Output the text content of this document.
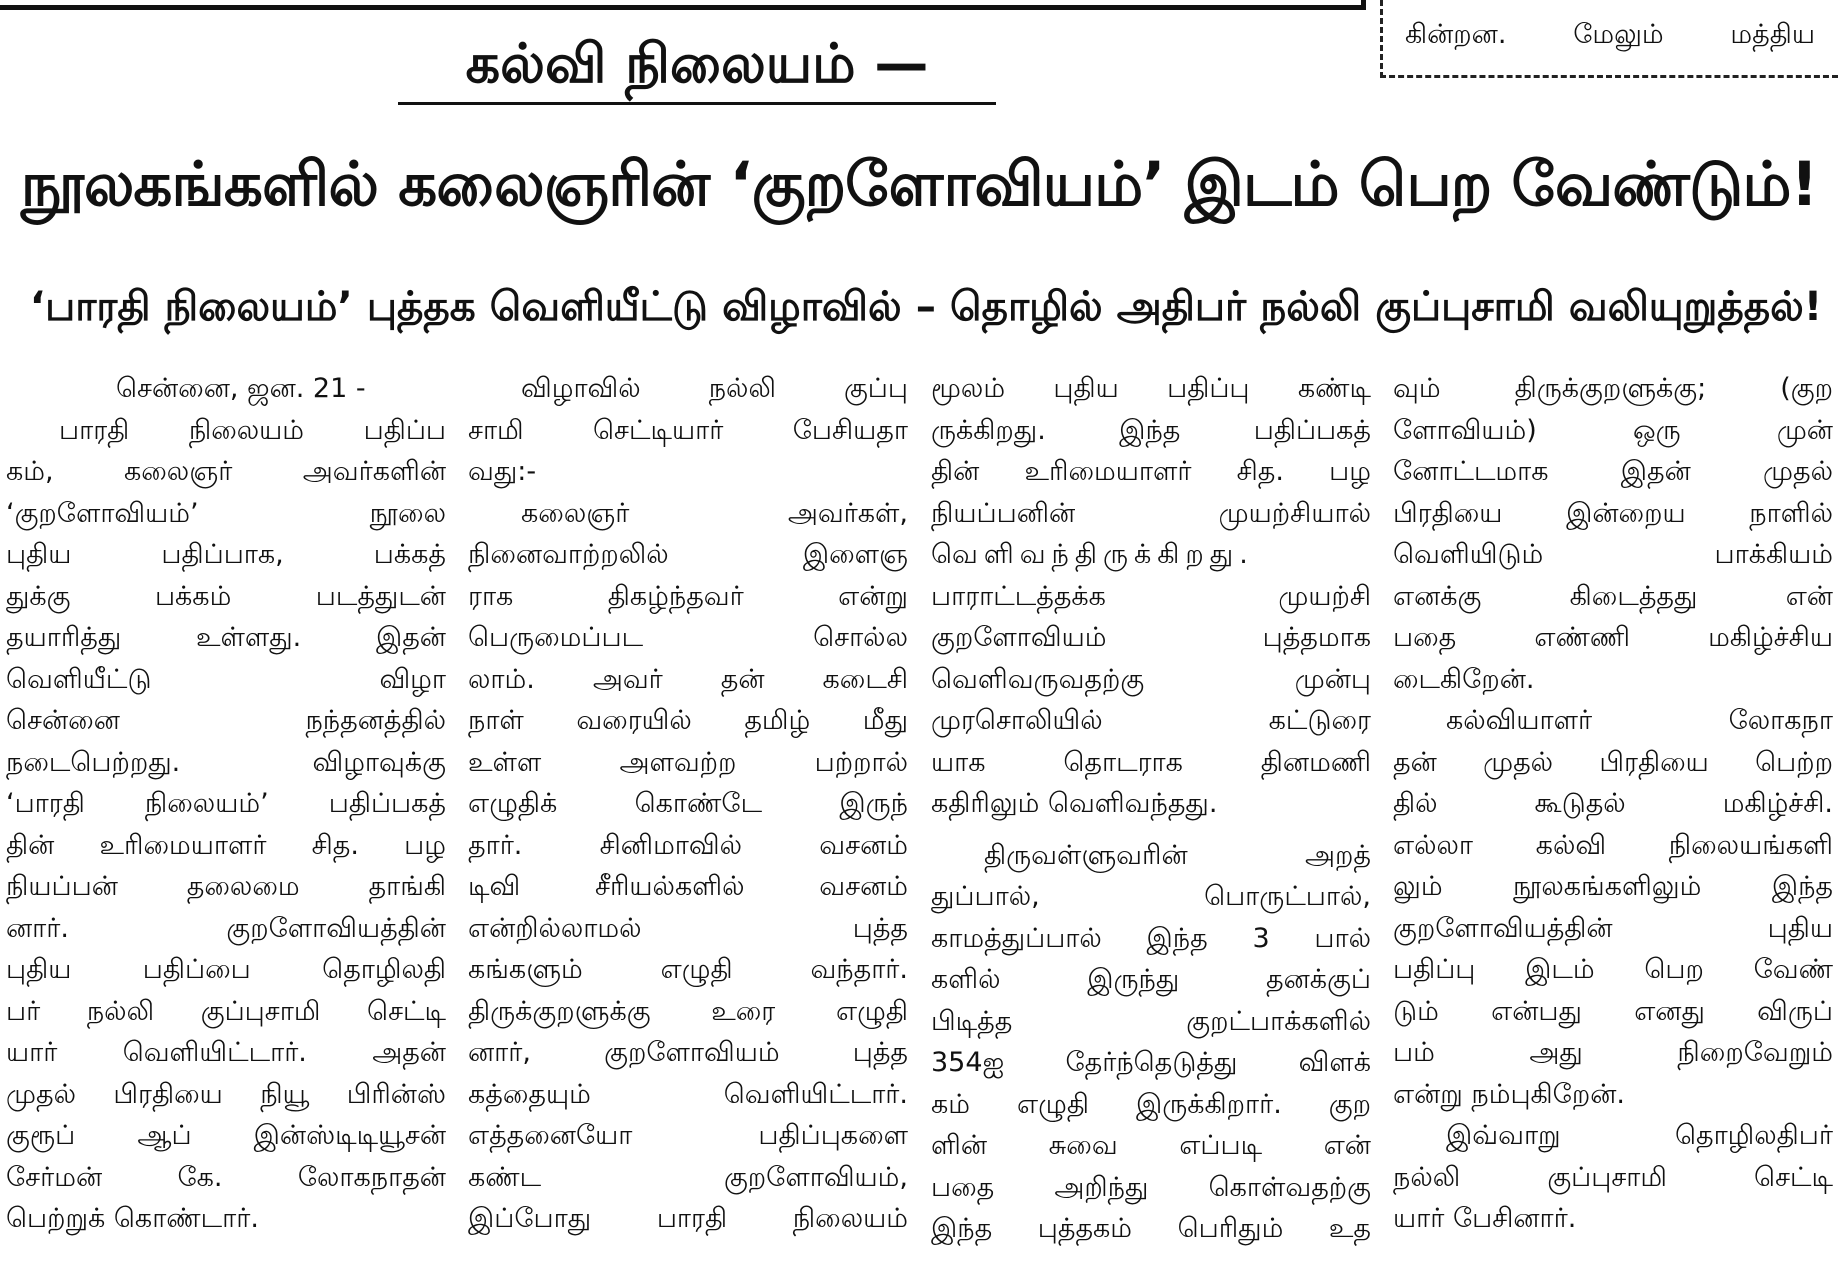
கின்றன. மேலும் மத்திய
கல்வி நிலையம் —
நூலகங்களில் கலைஞரின் ‘குறளோவியம்’ இடம் பெற வேண்டும்!
‘பாரதி நிலையம்’ புத்தக வெளியீட்டு விழாவில் – தொழில் அதிபர் நல்லி குப்புசாமி வலியுறுத்தல்!
சென்னை, ஜன. 21 -
பாரதி நிலையம் பதிப்ப
கம், கலைஞர் அவர்களின்
‘குறளோவியம்’ நூலை
புதிய பதிப்பாக, பக்கத்
துக்கு பக்கம் படத்துடன்
தயாரித்து உள்ளது. இதன்
வெளியீட்டு விழா
சென்னை நந்தனத்தில்
நடைபெற்றது. விழாவுக்கு
‘பாரதி நிலையம்’ பதிப்பகத்
தின் உரிமையாளர் சித. பழ
நியப்பன் தலைமை தாங்கி
னார். குறளோவியத்தின்
புதிய பதிப்பை தொழிலதி
பர் நல்லி குப்புசாமி செட்டி
யார் வெளியிட்டார். அதன்
முதல் பிரதியை நியூ பிரின்ஸ்
குரூப் ஆப் இன்ஸ்டிடியூசன்
சேர்மன் கே. லோகநாதன்
பெற்றுக் கொண்டார்.
விழாவில் நல்லி குப்பு
சாமி செட்டியார் பேசியதா
வது:-
கலைஞர் அவர்கள்,
நினைவாற்றலில் இளைஞ
ராக திகழ்ந்தவர் என்று
பெருமைப்பட சொல்ல
லாம். அவர் தன் கடைசி
நாள் வரையில் தமிழ் மீது
உள்ள அளவற்ற பற்றால்
எழுதிக் கொண்டே இருந்
தார். சினிமாவில் வசனம்
டிவி சீரியல்களில் வசனம்
என்றில்லாமல் புத்த
கங்களும் எழுதி வந்தார்.
திருக்குறளுக்கு உரை எழுதி
னார், குறளோவியம் புத்த
கத்தையும் வெளியிட்டார்.
எத்தனையோ பதிப்புகளை
கண்ட குறளோவியம்,
இப்போது பாரதி நிலையம்
மூலம் புதிய பதிப்பு கண்டி
ருக்கிறது. இந்த பதிப்பகத்
தின் உரிமையாளர் சித. பழ
நியப்பனின் முயற்சியால்
வெளிவந்திருக்கிறது.
பாராட்டத்தக்க முயற்சி
குறளோவியம் புத்தமாக
வெளிவருவதற்கு முன்பு
முரசொலியில் கட்டுரை
யாக தொடராக தினமணி
கதிரிலும் வெளிவந்தது.
திருவள்ளுவரின் அறத்
துப்பால், பொருட்பால்,
காமத்துப்பால் இந்த 3 பால்
களில் இருந்து தனக்குப்
பிடித்த குறட்பாக்களில்
354ஐ தேர்ந்தெடுத்து விளக்
கம் எழுதி இருக்கிறார். குற
ளின் சுவை எப்படி என்
பதை அறிந்து கொள்வதற்கு
இந்த புத்தகம் பெரிதும் உத
வும் திருக்குறளுக்கு; (குற
ளோவியம்) ஒரு முன்
னோட்டமாக இதன் முதல்
பிரதியை இன்றைய நாளில்
வெளியிடும் பாக்கியம்
எனக்கு கிடைத்தது என்
பதை எண்ணி மகிழ்ச்சிய
டைகிறேன்.
கல்வியாளர் லோகநா
தன் முதல் பிரதியை பெற்ற
தில் கூடுதல் மகிழ்ச்சி.
எல்லா கல்வி நிலையங்களி
லும் நூலகங்களிலும் இந்த
குறளோவியத்தின் புதிய
பதிப்பு இடம் பெற வேண்
டும் என்பது எனது விருப்
பம் அது நிறைவேறும்
என்று நம்புகிறேன்.
இவ்வாறு தொழிலதிபர்
நல்லி குப்புசாமி செட்டி
யார் பேசினார்.
